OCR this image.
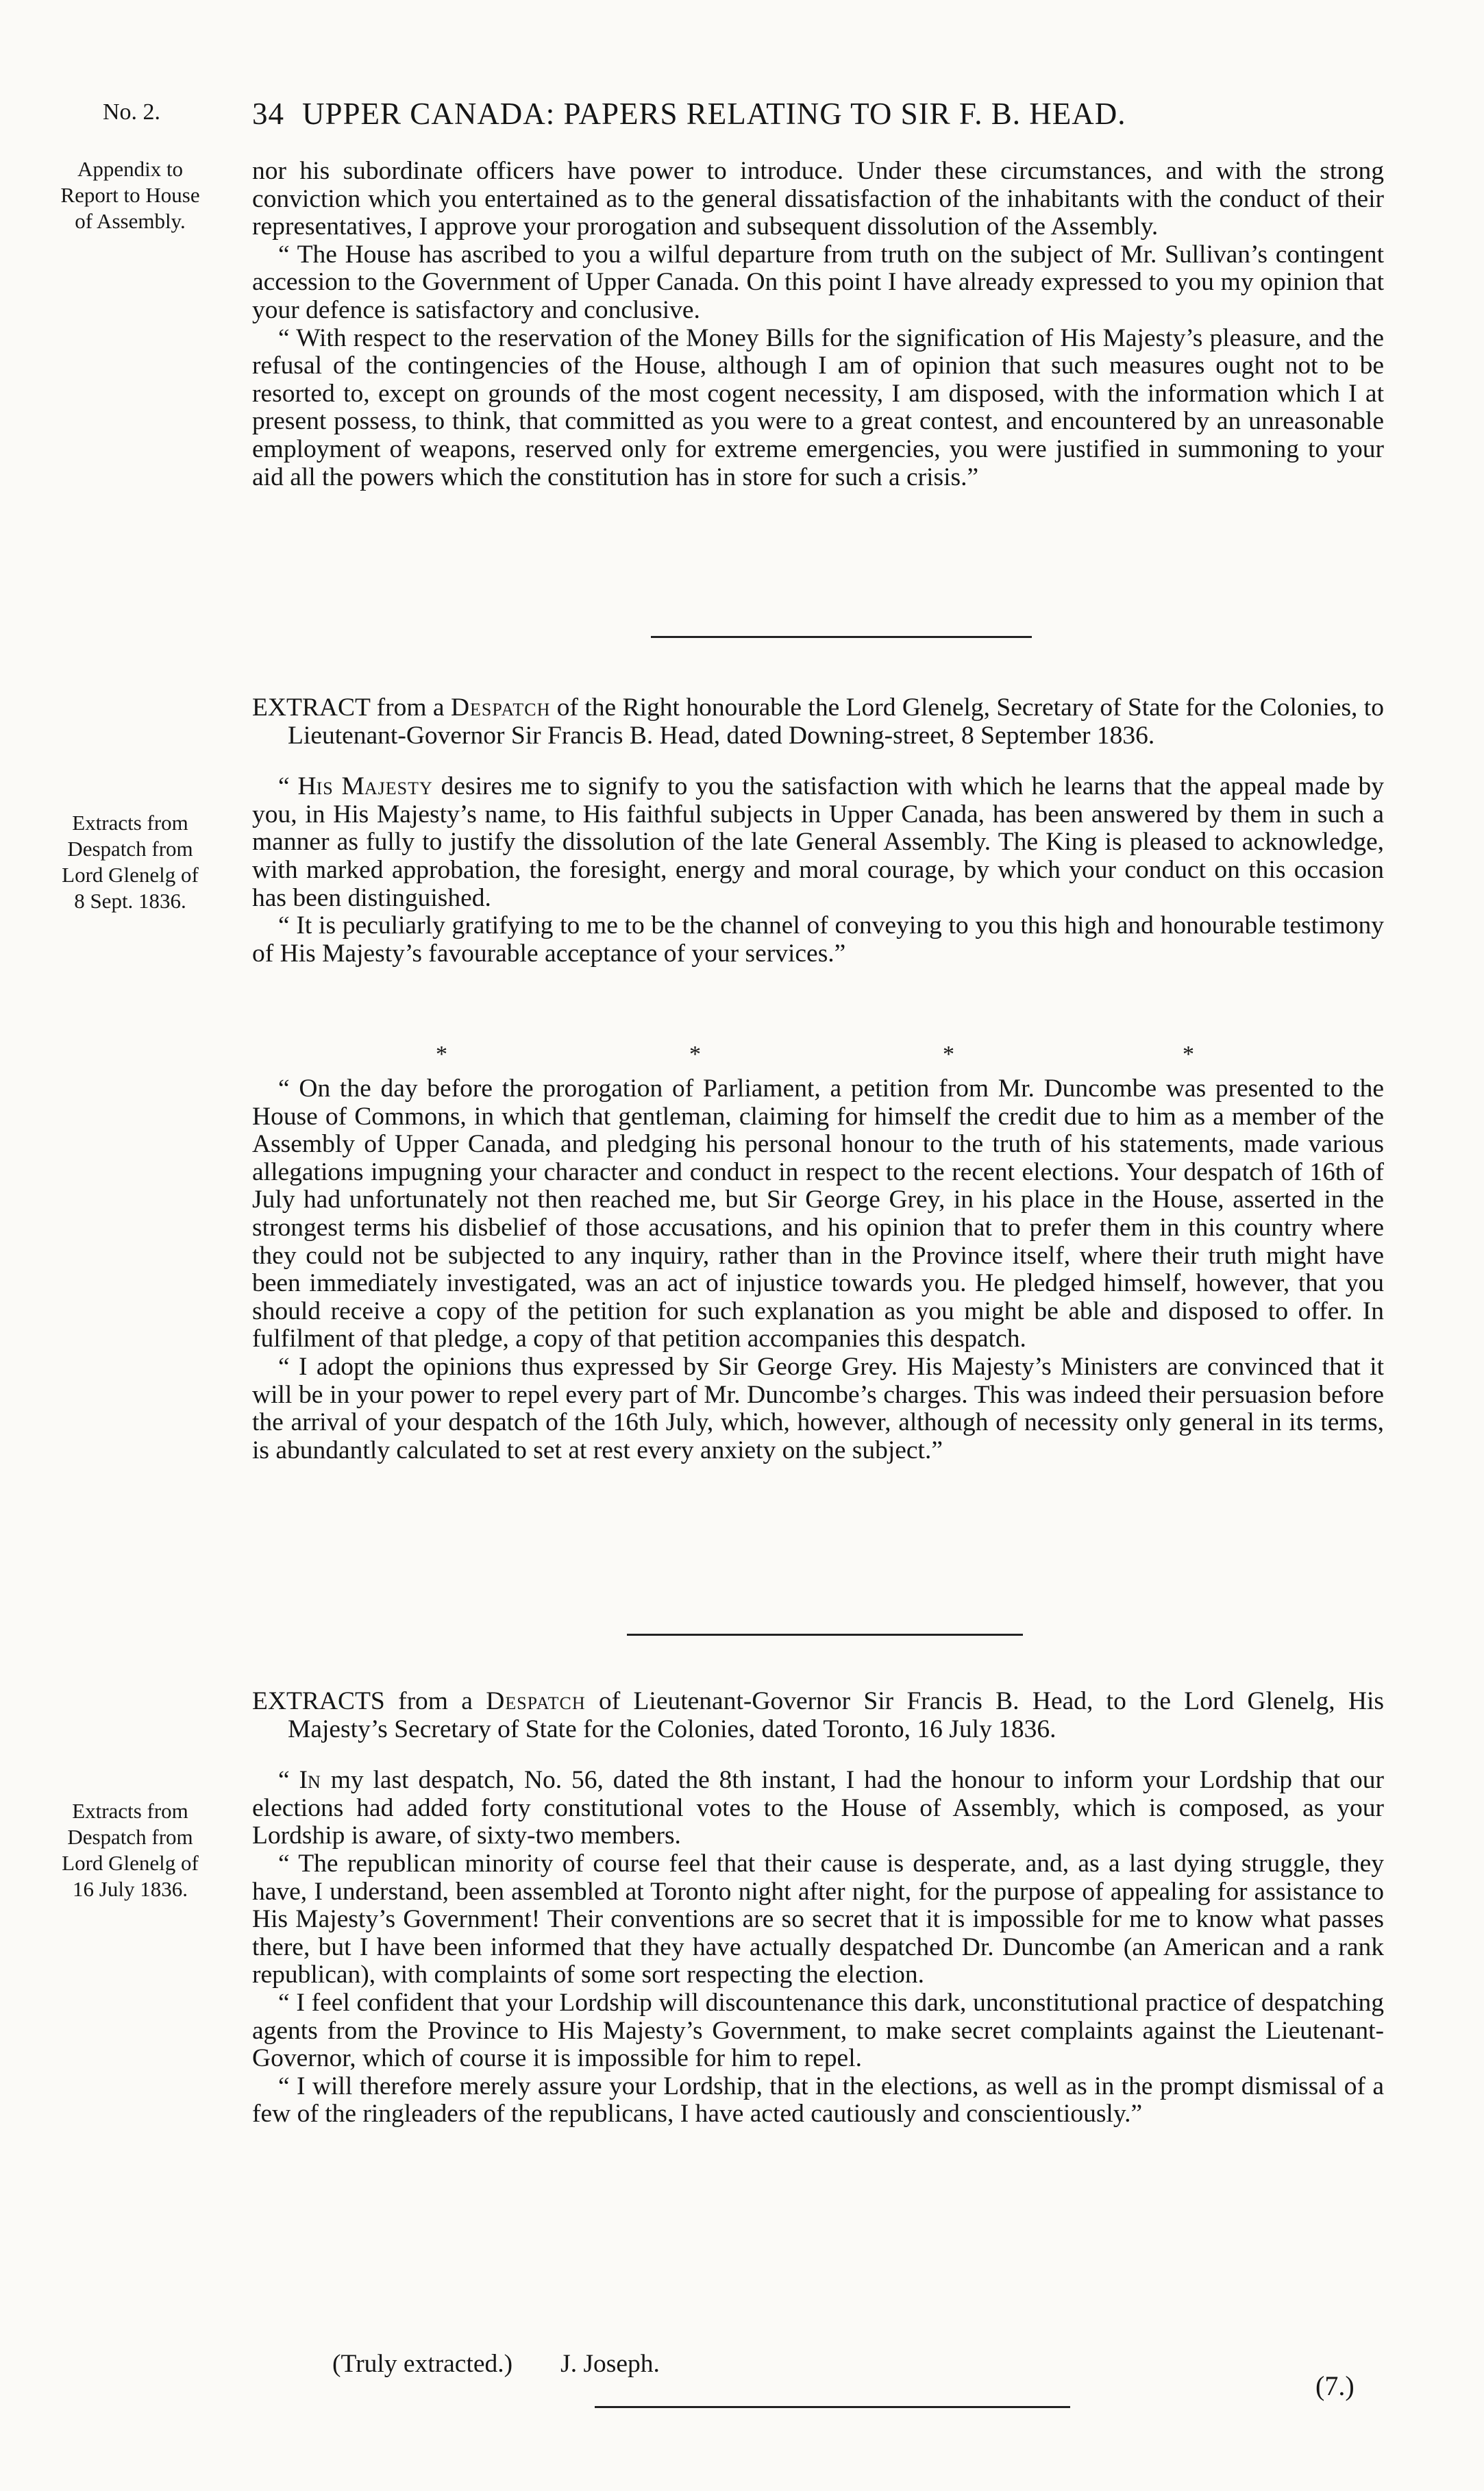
No. 2.	34 UPPER CANADA: PAPERS RELATING TO SIR F. B. HEAD.

Appendix to

Report to House

of Assembly.

Extracts from

Despatch from

Lord Glenelg of

8 Sept. 1836.

Extracts from

Despatch from

Lord Glenelg of

16 July 1836.

nor his subordinate officers have power to introduce. Under these circumstances, and with the strong conviction which you entertained as to the general dissatisfaction of the inhabitants with the conduct of their representatives, I approve your prorogation and subsequent dissolution of the Assembly.

“ The House has ascribed to you a wilful departure from truth on the subject of Mr. Sullivan’s contingent accession to the Government of Upper Canada. On this point I have already expressed to you my opinion that your defence is satisfactory and conclusive.

“ With respect to the reservation of the Money Bills for the signification of His Majesty’s pleasure, and the refusal of the contingencies of the House, although I am of opinion that such measures ought not to be resorted to, except on grounds of the most cogent necessity, I am disposed, with the information which I at present possess, to think, that committed as you were to a great contest, and encountered by an unreasonable employment of weapons, reserved only for extreme emergencies, you were justified in summoning to your aid all the powers which the constitution has in store for such a crisis.”

EXTRACT from a Despatch of the Right honourable the Lord Glenelg, Secretary of State for the Colonies, to Lieutenant-Governor Sir Francis B. Head, dated Downing-street, 8 September 1836.

“ His Majesty desires me to signify to you the satisfaction with which he learns that the appeal made by you, in His Majesty’s name, to His faithful subjects in Upper Canada, has been answered by them in such a manner as fully to justify the dissolution of the late General Assembly. The King is pleased to acknowledge, with marked approbation, the foresight, energy and moral courage, by which your conduct on this occasion has been distinguished.

“ It is peculiarly gratifying to me to be the channel of conveying to you this high and honourable testimony of His Majesty’s favourable acceptance of your services.”

*	*	*	*

“ On the day before the prorogation of Parliament, a petition from Mr. Duncombe was presented to the House of Commons, in which that gentleman, claiming for himself the credit due to him as a member of the Assembly of Upper Canada, and pledging his personal honour to the truth of his statements, made various allegations impugning your character and conduct in respect to the recent elections. Your despatch of 16th of July had unfortunately not then reached me, but Sir George Grey, in his place in the House, asserted in the strongest terms his disbelief of those accusations, and his opinion that to prefer them in this country where they could not be subjected to any inquiry, rather than in the Province itself, where their truth might have been immediately investigated, was an act of injustice towards you. He pledged himself, however, that you should receive a copy of the petition for such explanation as you might be able and disposed to offer. In fulfilment of that pledge, a copy of that petition accompanies this despatch.

“ I adopt the opinions thus expressed by Sir George Grey. His Majesty’s Ministers are convinced that it will be in your power to repel every part of Mr. Duncombe’s charges. This was indeed their persuasion before the arrival of your despatch of the 16th July, which, however, although of necessity only general in its terms, is abundantly calculated to set at rest every anxiety on the subject.”

EXTRACTS from a Despatch of Lieutenant-Governor Sir Francis B. Head, to the Lord Glenelg, His Majesty’s Secretary of State for the Colonies, dated Toronto, 16 July 1836.

“ In my last despatch, No. 56, dated the 8th instant, I had the honour to inform your Lordship that our elections had added forty constitutional votes to the House of Assembly, which is composed, as your Lordship is aware, of sixty-two members.

“ The republican minority of course feel that their cause is desperate, and, as a last dying struggle, they have, I understand, been assembled at Toronto night after night, for the purpose of appealing for assistance to His Majesty’s Government! Their conventions are so secret that it is impossible for me to know what passes there, but I have been informed that they have actually despatched Dr. Duncombe (an American and a rank republican), with complaints of some sort respecting the election.

“ I feel confident that your Lordship will discountenance this dark, unconstitutional practice of despatching agents from the Province to His Majesty’s Government, to make secret complaints against the Lieutenant-Governor, which of course it is impossible for him to repel.

“ I will therefore merely assure your Lordship, that in the elections, as well as in the prompt dismissal of a few of the ringleaders of the republicans, I have acted cautiously and conscientiously.”

(Truly extracted.) J. Joseph.
(7.)
